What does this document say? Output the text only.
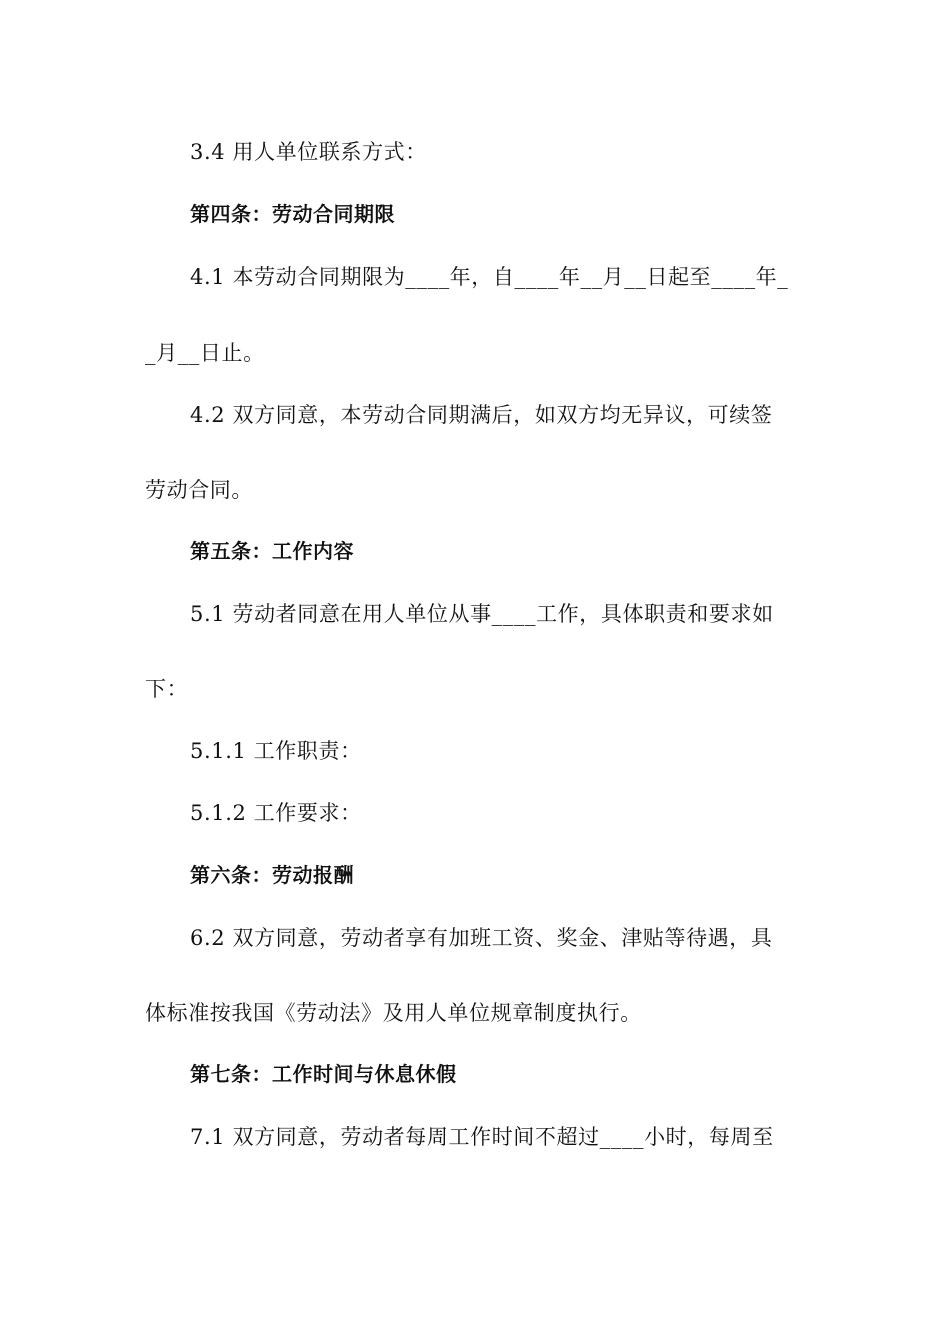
3.4 用人单位联系方式：
第四条：劳动合同期限
4.1 本劳动合同期限为____年，自____年__月__日起至____年_
_月__日止。
4.2 双方同意，本劳动合同期满后，如双方均无异议，可续签
劳动合同。
第五条：工作内容
5.1 劳动者同意在用人单位从事____工作，具体职责和要求如
下：
5.1.1 工作职责：
5.1.2 工作要求：
第六条：劳动报酬
6.2 双方同意，劳动者享有加班工资、奖金、津贴等待遇，具
体标准按我国《劳动法》及用人单位规章制度执行。
第七条：工作时间与休息休假
7.1 双方同意，劳动者每周工作时间不超过____小时，每周至
